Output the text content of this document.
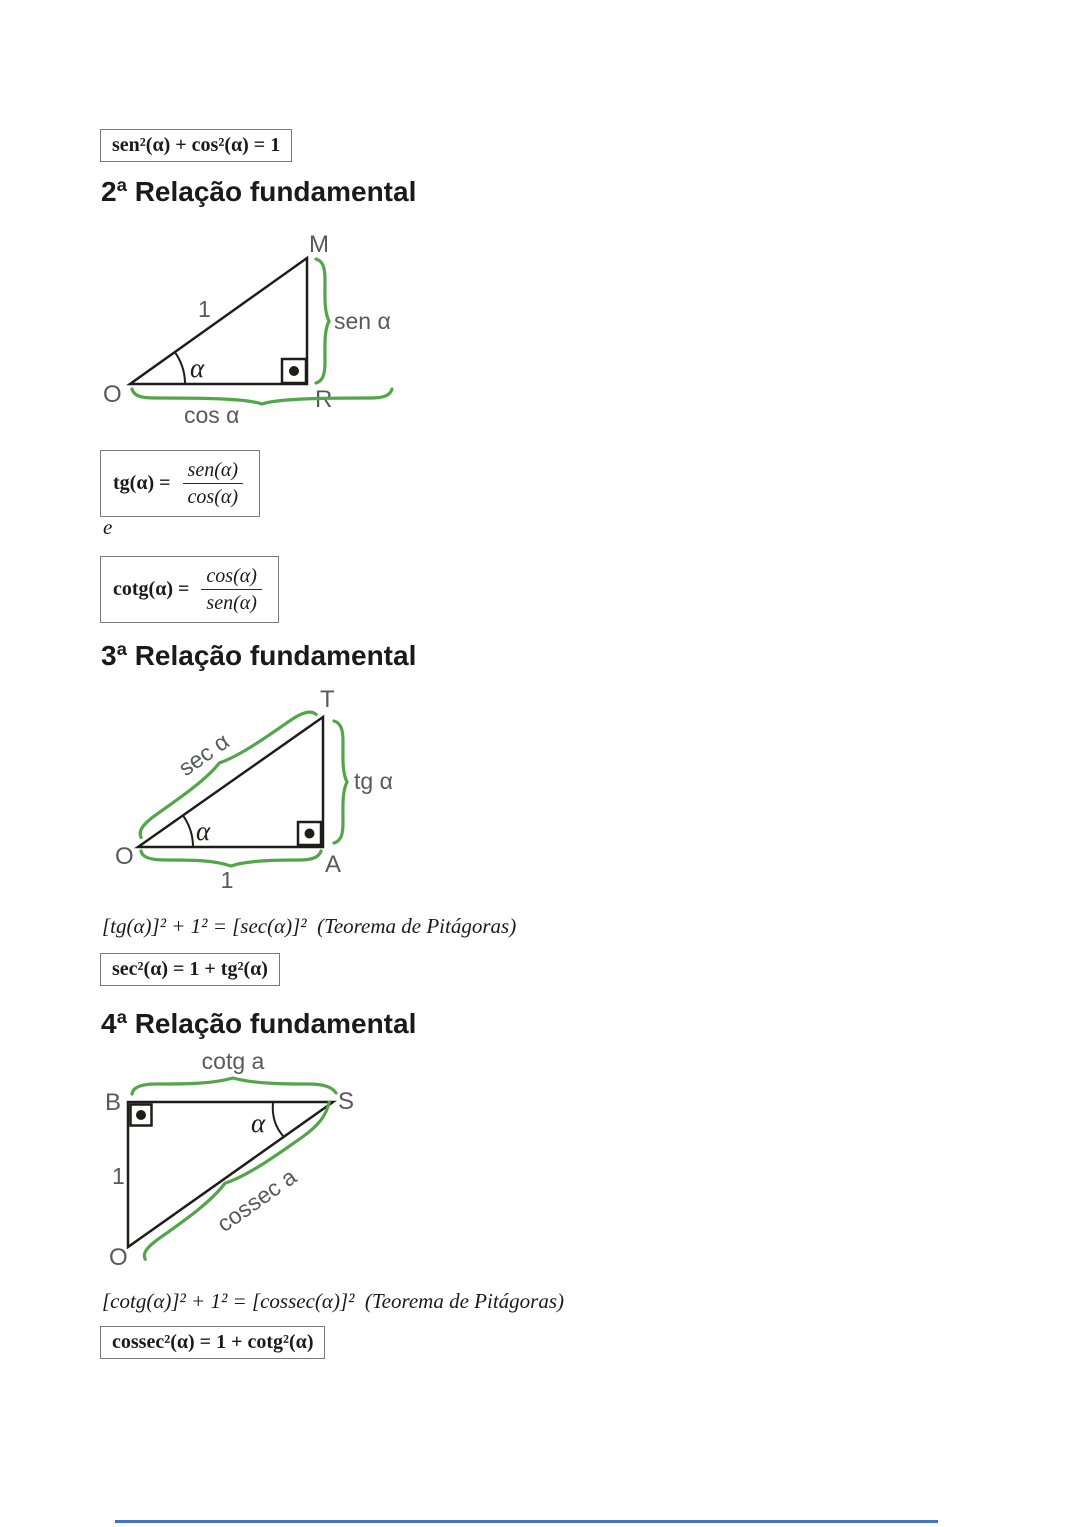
sen²(α) + cos²(α) = 1
2ª Relação fundamental
α
1
O
M
R
sen α
cos α
$tg(\alpha) = \frac{\text{sen(α)}}{\cos(\alpha)}$
e
$\cot g(\alpha) = \frac{\cos(\alpha)}{\text{sen(α)}}$
3ª Relação fundamental
α
O
T
A
sec α
tg α
1
[tg(α)]² + 1² = [sec(α)]²  (Teorema de Pitágoras)
sec²(α) = 1 + tg²(α)
4ª Relação fundamental
α
B	S
O
1
cotg a
cossec a
[cotg(α)]² + 1² = [cossec(α)]²  (Teorema de Pitágoras)
cossec²(α) = 1 + cotg²(α)
